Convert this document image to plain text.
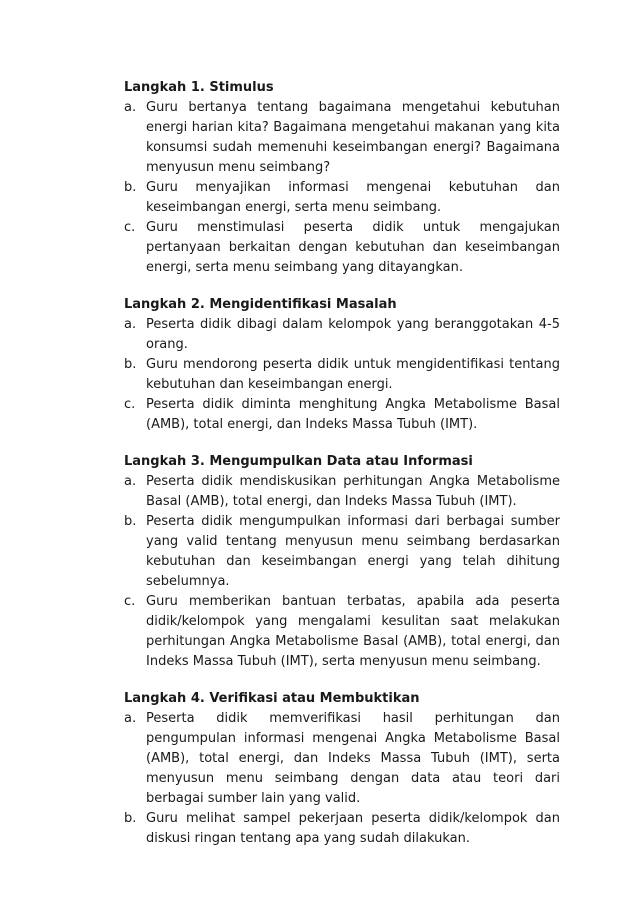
Langkah 1. Stimulus

a. Guru bertanya tentang bagaimana mengetahui kebutuhan energi harian kita? Bagaimana mengetahui makanan yang kita konsumsi sudah memenuhi keseimbangan energi? Bagaimana menyusun menu seimbang?
b. Guru menyajikan informasi mengenai kebutuhan dan keseimbangan energi, serta menu seimbang.
c. Guru menstimulasi peserta didik untuk mengajukan pertanyaan berkaitan dengan kebutuhan dan keseimbangan energi, serta menu seimbang yang ditayangkan.

Langkah 2. Mengidentifikasi Masalah

a. Peserta didik dibagi dalam kelompok yang beranggotakan 4-5 orang.
b. Guru mendorong peserta didik untuk mengidentifikasi tentang kebutuhan dan keseimbangan energi.
c. Peserta didik diminta menghitung Angka Metabolisme Basal (AMB), total energi, dan Indeks Massa Tubuh (IMT).

Langkah 3. Mengumpulkan Data atau Informasi

a. Peserta didik mendiskusikan perhitungan Angka Metabolisme Basal (AMB), total energi, dan Indeks Massa Tubuh (IMT).
b. Peserta didik mengumpulkan informasi dari berbagai sumber yang valid tentang menyusun menu seimbang berdasarkan kebutuhan dan keseimbangan energi yang telah dihitung sebelumnya.
c. Guru memberikan bantuan terbatas, apabila ada peserta didik/kelompok yang mengalami kesulitan saat melakukan perhitungan Angka Metabolisme Basal (AMB), total energi, dan Indeks Massa Tubuh (IMT), serta menyusun menu seimbang.

Langkah 4. Verifikasi atau Membuktikan

a. Peserta didik memverifikasi hasil perhitungan dan pengumpulan informasi mengenai Angka Metabolisme Basal (AMB), total energi, dan Indeks Massa Tubuh (IMT), serta menyusun menu seimbang dengan data atau teori dari berbagai sumber lain yang valid.
b. Guru melihat sampel pekerjaan peserta didik/kelompok dan diskusi ringan tentang apa yang sudah dilakukan.
